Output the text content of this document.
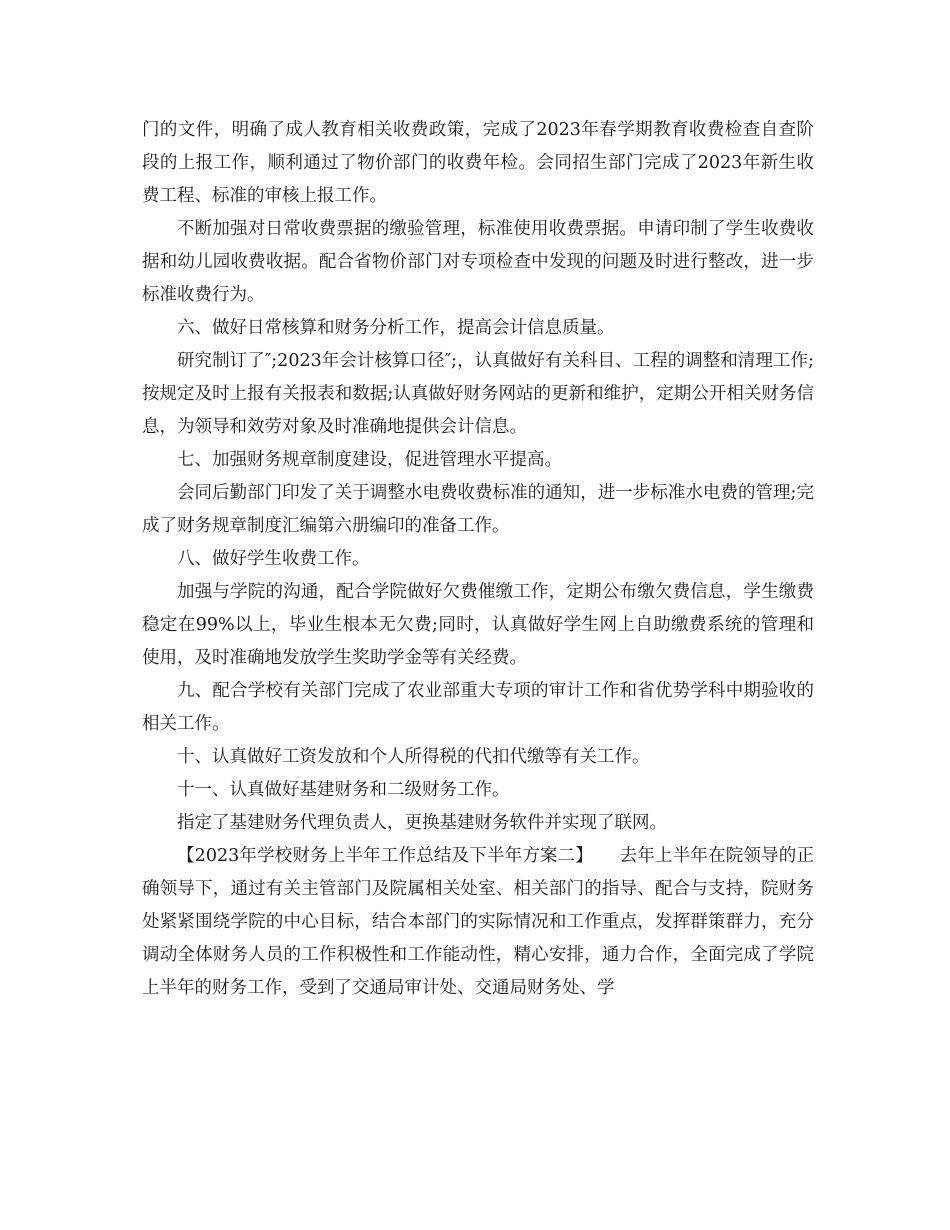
门的文件，明确了成人教育相关收费政策，完成了2023年春学期教育收费检查自查阶段的上报工作，顺利通过了物价部门的收费年检。会同招生部门完成了2023年新生收费工程、标准的审核上报工作。

不断加强对日常收费票据的缴验管理，标准使用收费票据。申请印制了学生收费收据和幼儿园收费收据。配合省物价部门对专项检查中发现的问题及时进行整改，进一步标准收费行为。

六、做好日常核算和财务分析工作，提高会计信息质量。

研究制订了″;2023年会计核算口径″;，认真做好有关科目、工程的调整和清理工作;按规定及时上报有关报表和数据;认真做好财务网站的更新和维护，定期公开相关财务信息，为领导和效劳对象及时准确地提供会计信息。

七、加强财务规章制度建设，促进管理水平提高。

会同后勤部门印发了关于调整水电费收费标准的通知，进一步标准水电费的管理;完成了财务规章制度汇编第六册编印的准备工作。

八、做好学生收费工作。

加强与学院的沟通，配合学院做好欠费催缴工作，定期公布缴欠费信息，学生缴费稳定在99%以上，毕业生根本无欠费;同时，认真做好学生网上自助缴费系统的管理和使用，及时准确地发放学生奖助学金等有关经费。

九、配合学校有关部门完成了农业部重大专项的审计工作和省优势学科中期验收的相关工作。

十、认真做好工资发放和个人所得税的代扣代缴等有关工作。

十一、认真做好基建财务和二级财务工作。

指定了基建财务代理负责人，更换基建财务软件并实现了联网。

【2023年学校财务上半年工作总结及下半年方案二】　　去年上半年在院领导的正确领导下，通过有关主管部门及院属相关处室、相关部门的指导、配合与支持，院财务处紧紧围绕学院的中心目标，结合本部门的实际情况和工作重点，发挥群策群力，充分调动全体财务人员的工作积极性和工作能动性，精心安排，通力合作，全面完成了学院上半年的财务工作，受到了交通局审计处、交通局财务处、学
